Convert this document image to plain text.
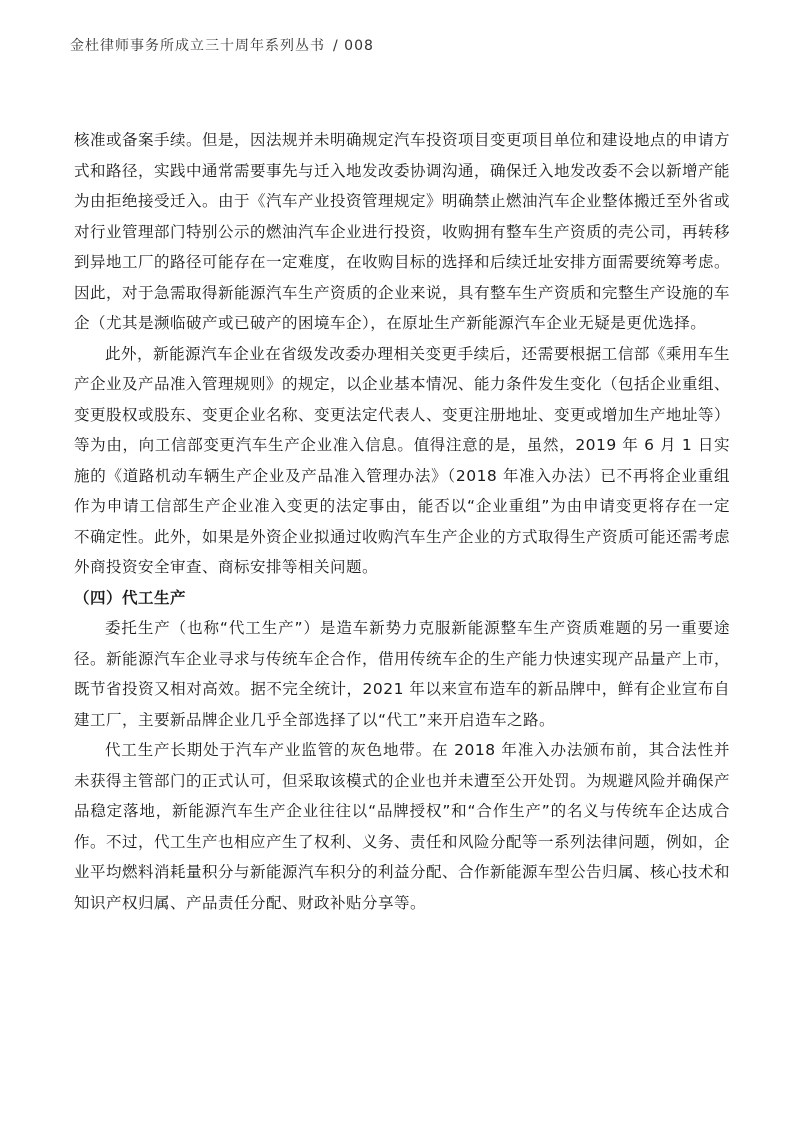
金杜律师事务所成立三十周年系列丛书 / 008

核准或备案手续。但是，因法规并未明确规定汽车投资项目变更项目单位和建设地点的申请方式和路径，实践中通常需要事先与迁入地发改委协调沟通，确保迁入地发改委不会以新增产能为由拒绝接受迁入。由于《汽车产业投资管理规定》明确禁止燃油汽车企业整体搬迁至外省或对行业管理部门特别公示的燃油汽车企业进行投资，收购拥有整车生产资质的壳公司，再转移到异地工厂的路径可能存在一定难度，在收购目标的选择和后续迁址安排方面需要统筹考虑。因此，对于急需取得新能源汽车生产资质的企业来说，具有整车生产资质和完整生产设施的车企（尤其是濒临破产或已破产的困境车企），在原址生产新能源汽车企业无疑是更优选择。

此外，新能源汽车企业在省级发改委办理相关变更手续后，还需要根据工信部《乘用车生产企业及产品准入管理规则》的规定，以企业基本情况、能力条件发生变化（包括企业重组、变更股权或股东、变更企业名称、变更法定代表人、变更注册地址、变更或增加生产地址等）等为由，向工信部变更汽车生产企业准入信息。值得注意的是，虽然，2019 年 6 月 1 日实施的《道路机动车辆生产企业及产品准入管理办法》（2018 年准入办法）已不再将企业重组作为申请工信部生产企业准入变更的法定事由，能否以“企业重组”为由申请变更将存在一定不确定性。此外，如果是外资企业拟通过收购汽车生产企业的方式取得生产资质可能还需考虑外商投资安全审查、商标安排等相关问题。

（四）代工生产

委托生产（也称“代工生产”）是造车新势力克服新能源整车生产资质难题的另一重要途径。新能源汽车企业寻求与传统车企合作，借用传统车企的生产能力快速实现产品量产上市，既节省投资又相对高效。据不完全统计，2021 年以来宣布造车的新品牌中，鲜有企业宣布自建工厂，主要新品牌企业几乎全部选择了以“代工”来开启造车之路。

代工生产长期处于汽车产业监管的灰色地带。在 2018 年准入办法颁布前，其合法性并未获得主管部门的正式认可，但采取该模式的企业也并未遭至公开处罚。为规避风险并确保产品稳定落地，新能源汽车生产企业往往以“品牌授权”和“合作生产”的名义与传统车企达成合作。不过，代工生产也相应产生了权利、义务、责任和风险分配等一系列法律问题，例如，企业平均燃料消耗量积分与新能源汽车积分的利益分配、合作新能源车型公告归属、核心技术和知识产权归属、产品责任分配、财政补贴分享等。
